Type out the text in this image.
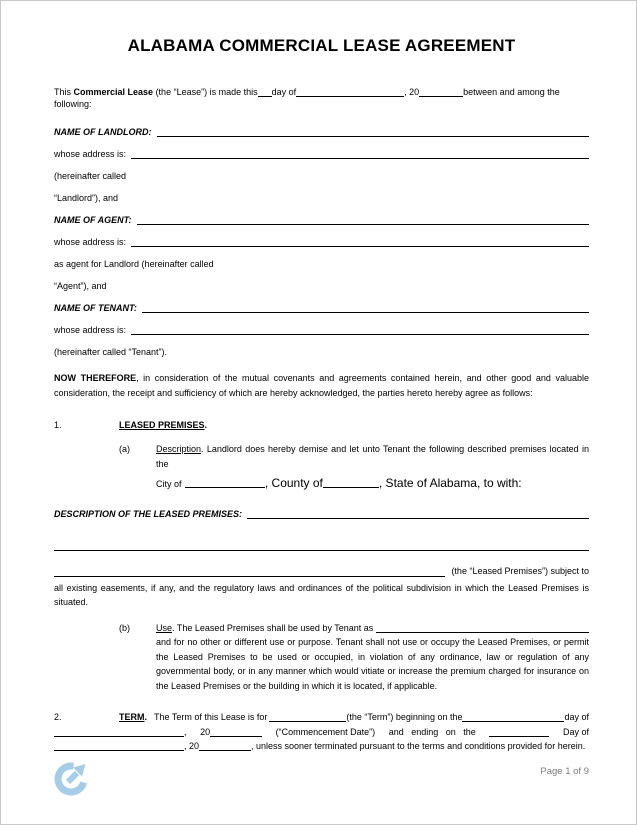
ALABAMA COMMERCIAL LEASE AGREEMENT

This Commercial Lease (the “Lease”) is made this day of	, 20	between and among the following:

NAME OF LANDLORD:
whose address is:
(hereinafter called
“Landlord”), and
NAME OF AGENT:
whose address is:
as agent for Landlord (hereinafter called
“Agent”), and
NAME OF TENANT:
whose address is:
(hereinafter called “Tenant”).

NOW THEREFORE, in consideration of the mutual covenants and agreements contained herein, and other good and valuable consideration, the receipt and sufficiency of which are hereby acknowledged, the parties hereto hereby agree as follows:

1.	LEASED PREMISES.
(a)	Description. Landlord does hereby demise and let unto Tenant the following described premises located in the
City of	, County of	, State of Alabama, to with:
DESCRIPTION OF THE LEASED PREMISES:
(the “Leased Premises”) subject to

all existing easements, if any, and the regulatory laws and ordinances of the political subdivision in which the Leased Premises is situated.

(b)	Use. The Leased Premises shall be used by Tenant as

and for no other or different use or purpose. Tenant shall not use or occupy the Leased Premises, or permit the Leased Premises to be used or occupied, in violation of any ordinance, law or regulation of any governmental body, or in any manner which would vitiate or increase the premium charged for insurance on the Leased Premises or the building in which it is located, if applicable.

2.	TERM. The Term of this Lease is for	(the “Term”) beginning on the	day of
, 20	(“Commencement Date”) and ending on the	Day of
, 20	, unless sooner terminated pursuant to the terms and conditions provided for herein.
Page 1 of 9
